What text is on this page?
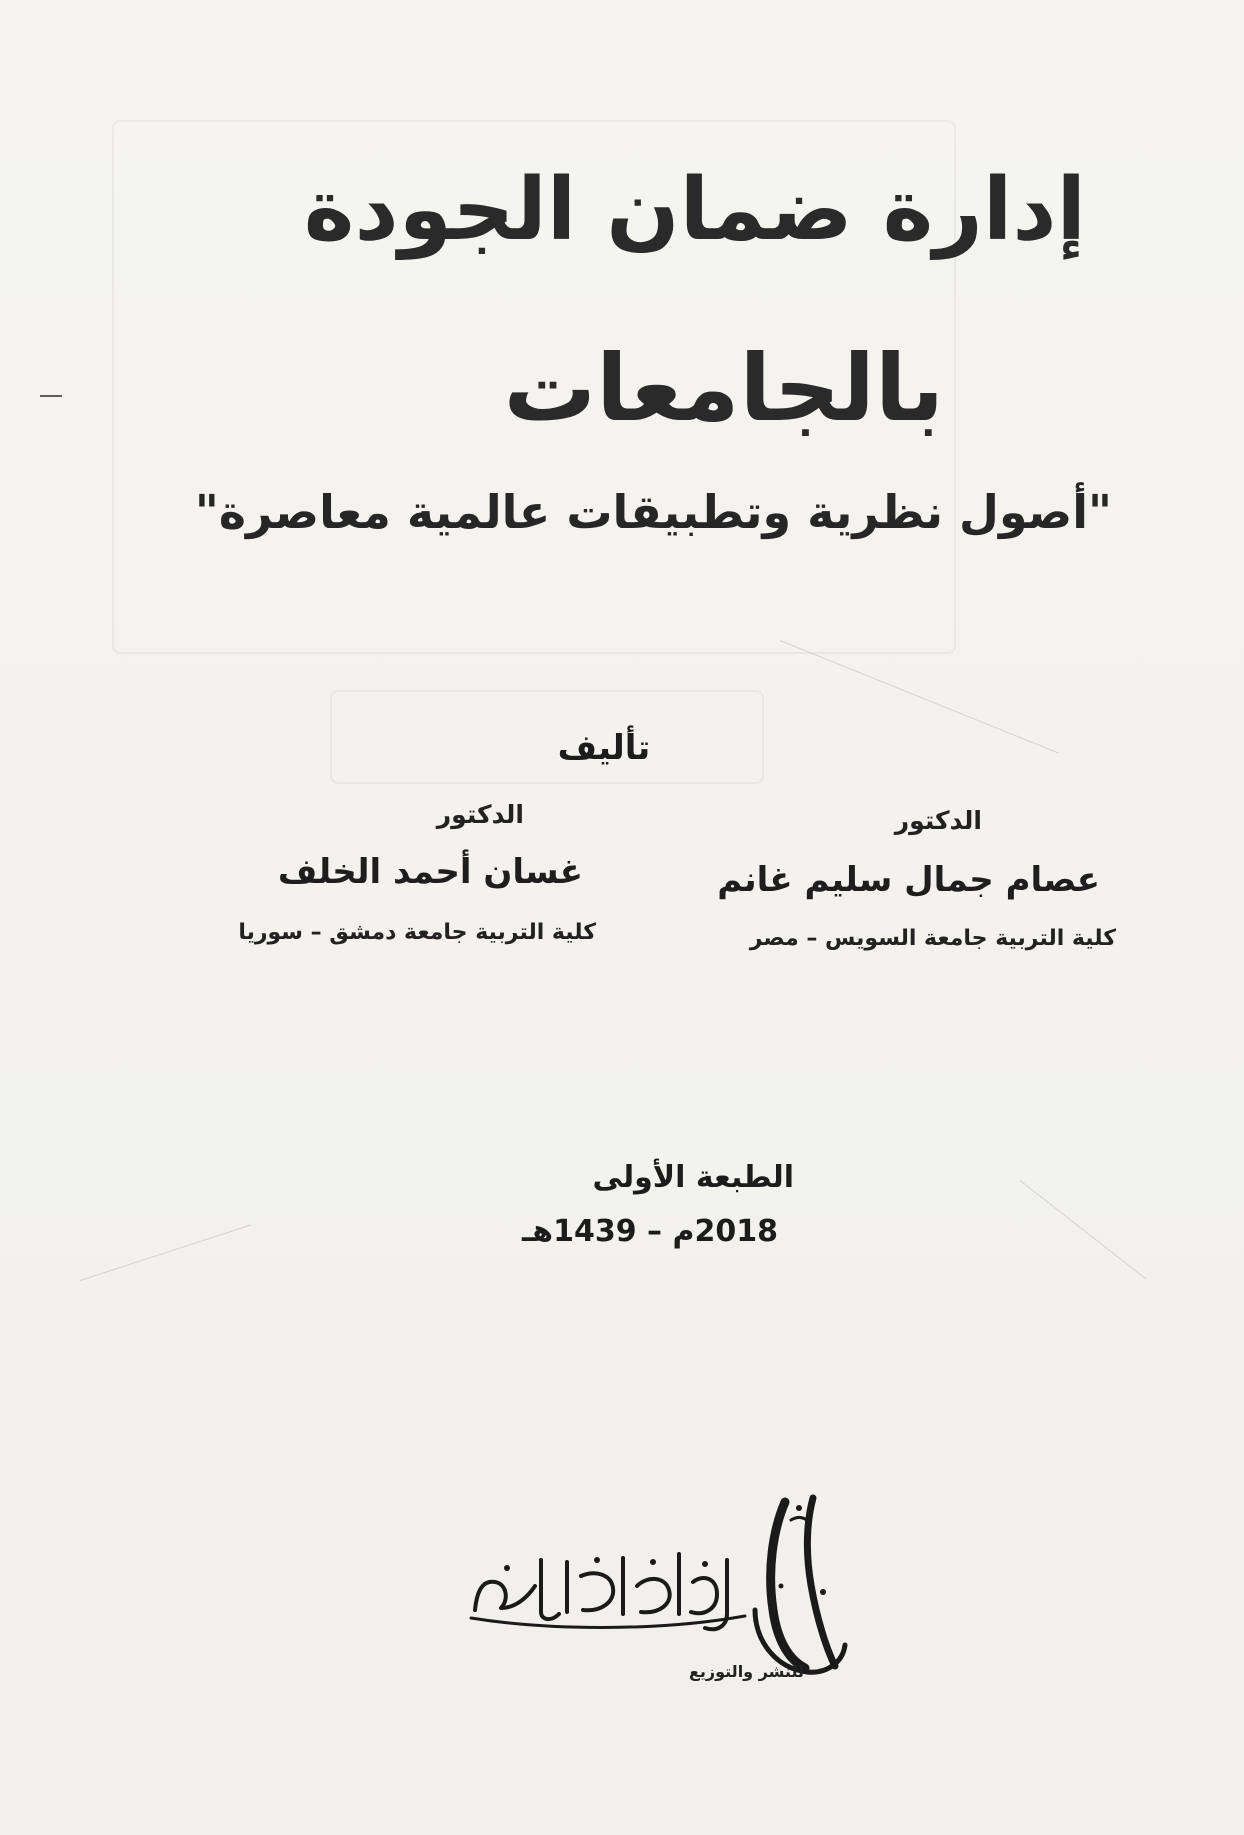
إدارة ضمان الجودة
بالجامعات
"أصول نظرية وتطبيقات عالمية معاصرة"
تأليف
الدكتور
عصام جمال سليم غانم
كلية التربية جامعة السويس – مصر
الدكتور
غسان أحمد الخلف
كلية التربية جامعة دمشق – سوريا
الطبعة الأولى
2018م – 1439هـ
دار الأعصار العلمي
للنشر والتوزيع
